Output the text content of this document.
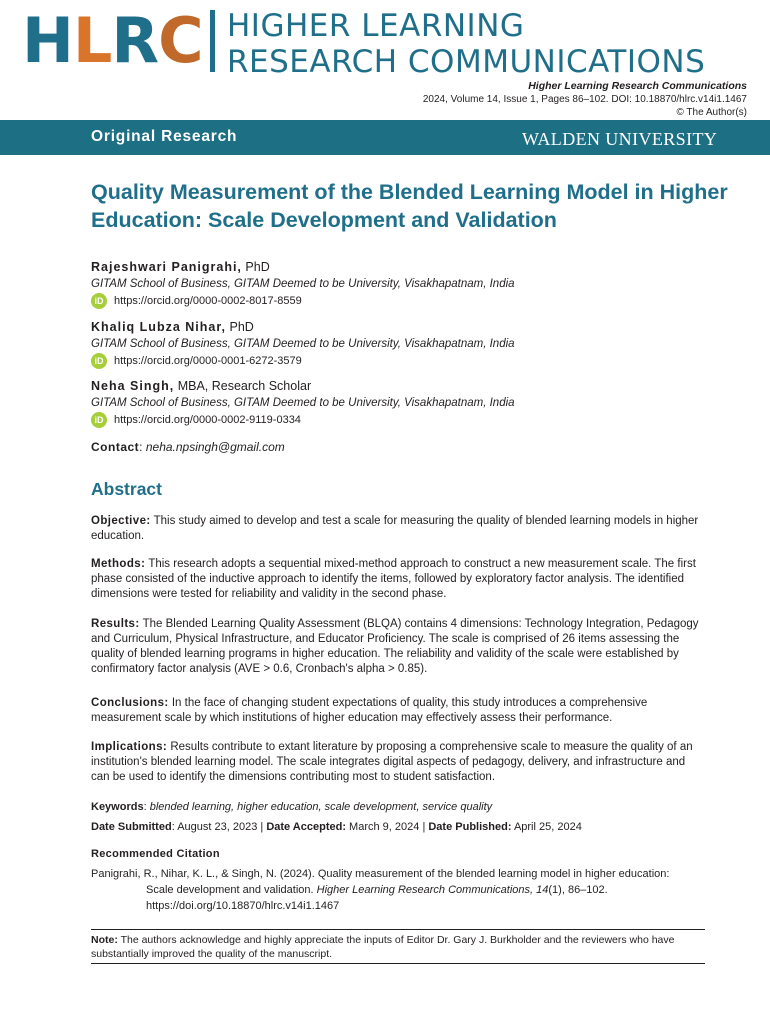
HLRC HIGHER LEARNING
RESEARCH COMMUNICATIONS
Higher Learning Research Communications
2024, Volume 14, Issue 1, Pages 86–102. DOI: 10.18870/hlrc.v14i1.1467
© The Author(s)
Original Research	WALDEN UNIVERSITY
Quality Measurement of the Blended Learning Model in Higher Education: Scale Development and Validation
Rajeshwari Panigrahi, PhD
GITAM School of Business, GITAM Deemed to be University, Visakhapatnam, India
iD https://orcid.org/0000-0002-8017-8559
Khaliq Lubza Nihar, PhD
GITAM School of Business, GITAM Deemed to be University, Visakhapatnam, India
iD https://orcid.org/0000-0001-6272-3579
Neha Singh, MBA, Research Scholar
GITAM School of Business, GITAM Deemed to be University, Visakhapatnam, India
iD https://orcid.org/0000-0002-9119-0334
Contact: neha.npsingh@gmail.com
Abstract
Objective: This study aimed to develop and test a scale for measuring the quality of blended learning models in higher education.
Methods: This research adopts a sequential mixed-method approach to construct a new measurement scale. The first phase consisted of the inductive approach to identify the items, followed by exploratory factor analysis. The identified dimensions were tested for reliability and validity in the second phase.
Results: The Blended Learning Quality Assessment (BLQA) contains 4 dimensions: Technology Integration, Pedagogy and Curriculum, Physical Infrastructure, and Educator Proficiency. The scale is comprised of 26 items assessing the quality of blended learning programs in higher education. The reliability and validity of the scale were established by confirmatory factor analysis (AVE > 0.6, Cronbach's alpha > 0.85).
Conclusions: In the face of changing student expectations of quality, this study introduces a comprehensive measurement scale by which institutions of higher education may effectively assess their performance.
Implications: Results contribute to extant literature by proposing a comprehensive scale to measure the quality of an institution's blended learning model. The scale integrates digital aspects of pedagogy, delivery, and infrastructure and can be used to identify the dimensions contributing most to student satisfaction.
Keywords: blended learning, higher education, scale development, service quality
Date Submitted: August 23, 2023 | Date Accepted: March 9, 2024 | Date Published: April 25, 2024
Recommended Citation
Panigrahi, R., Nihar, K. L., & Singh, N. (2024). Quality measurement of the blended learning model in higher education:
Scale development and validation. Higher Learning Research Communications, 14(1), 86–102.
https://doi.org/10.18870/hlrc.v14i1.1467
Note: The authors acknowledge and highly appreciate the inputs of Editor Dr. Gary J. Burkholder and the reviewers who have substantially improved the quality of the manuscript.
